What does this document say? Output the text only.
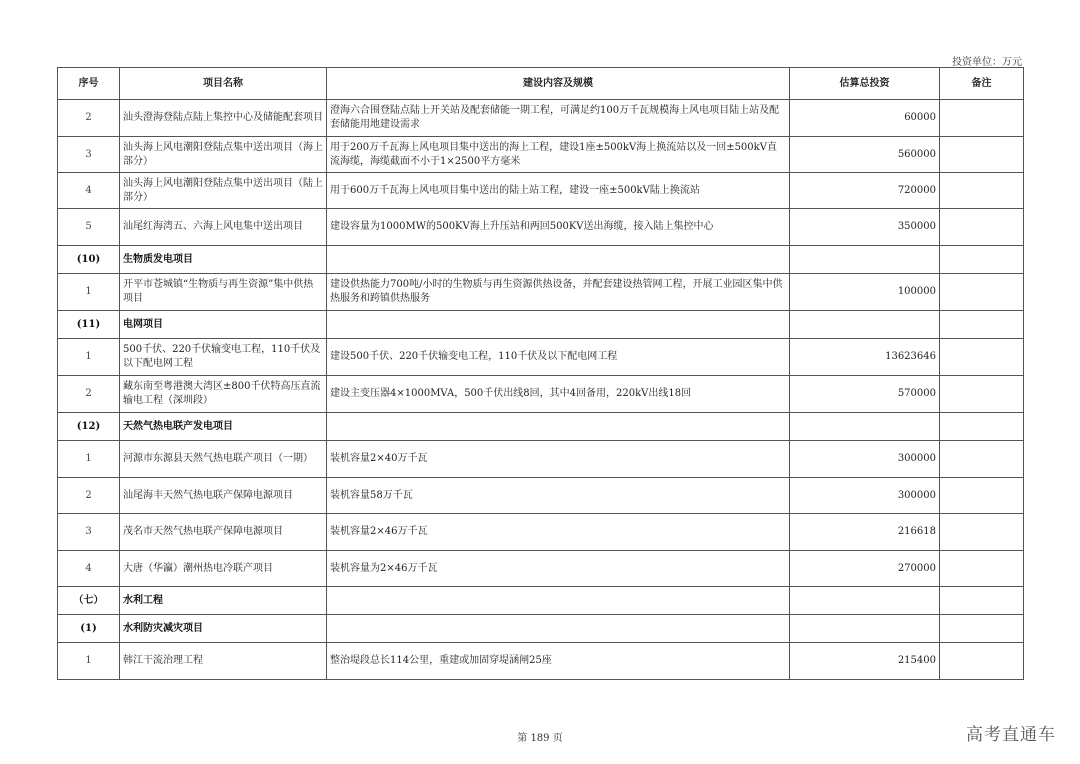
投资单位：万元
序号	项目名称	建设内容及规模	估算总投资	备注
2	汕头澄海登陆点陆上集控中心及储能配套项目	澄海六合围登陆点陆上开关站及配套储能一期工程，可满足约100万千瓦规模海上风电项目陆上站及配套储能用地建设需求	60000	
3	汕头海上风电潮阳登陆点集中送出项目（海上部分）	用于200万千瓦海上风电项目集中送出的海上工程，建设1座±500kV海上换流站以及一回±500kV直流海缆，海缆截面不小于1×2500平方毫米	560000	
4	汕头海上风电潮阳登陆点集中送出项目（陆上部分）	用于600万千瓦海上风电项目集中送出的陆上站工程，建设一座±500kV陆上换流站	720000	
5	汕尾红海湾五、六海上风电集中送出项目	建设容量为1000MW的500KV海上升压站和两回500KV送出海缆，接入陆上集控中心	350000	
(10)	生物质发电项目			
1	开平市苍城镇“生物质与再生资源”集中供热项目	建设供热能力700吨/小时的生物质与再生资源供热设备，并配套建设热管网工程，开展工业园区集中供热服务和跨镇供热服务	100000	
(11)	电网项目			
1	500千伏、220千伏输变电工程，110千伏及以下配电网工程	建设500千伏、220千伏输变电工程，110千伏及以下配电网工程	13623646	
2	藏东南至粤港澳大湾区±800千伏特高压直流输电工程（深圳段）	建设主变压器4×1000MVA，500千伏出线8回，其中4回备用，220kV出线18回	570000	
(12)	天然气热电联产发电项目			
1	河源市东源县天然气热电联产项目（一期）	装机容量2×40万千瓦	300000	
2	汕尾海丰天然气热电联产保障电源项目	装机容量58万千瓦	300000	
3	茂名市天然气热电联产保障电源项目	装机容量2×46万千瓦	216618	
4	大唐（华瀛）潮州热电冷联产项目	装机容量为2×46万千瓦	270000	
（七）	水利工程			
(1)	水利防灾减灾项目			
1	韩江干流治理工程	整治堤段总长114公里，重建或加固穿堤涵闸25座	215400	
第 189 页	高考直通车
